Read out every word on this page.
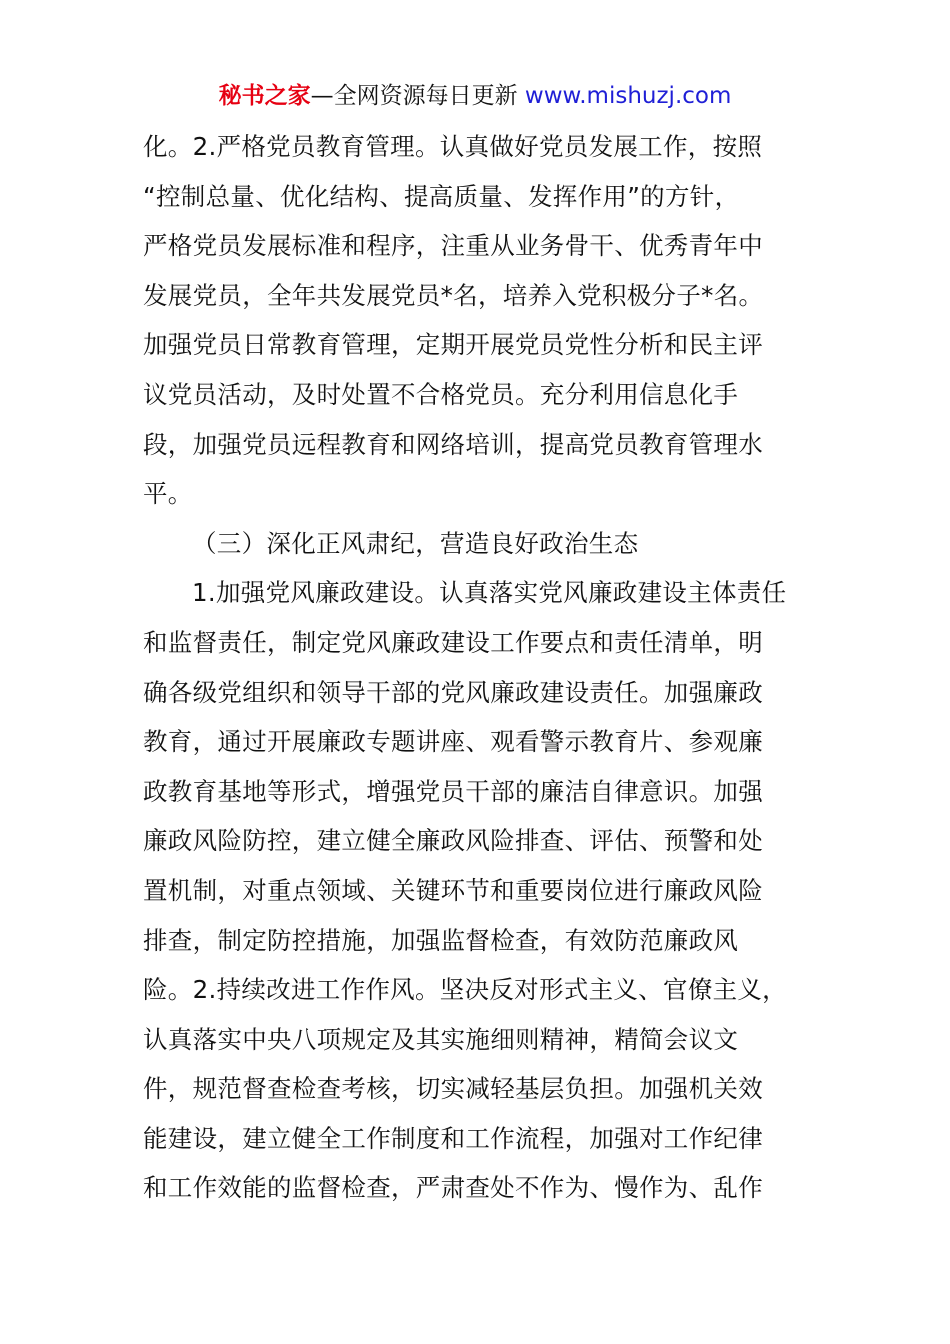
秘书之家—全网资源每日更新 www.mishuzj.com
化。2.严格党员教育管理。认真做好党员发展工作，按照
“控制总量、优化结构、提高质量、发挥作用”的方针，
严格党员发展标准和程序，注重从业务骨干、优秀青年中
发展党员，全年共发展党员*名，培养入党积极分子*名。
加强党员日常教育管理，定期开展党员党性分析和民主评
议党员活动，及时处置不合格党员。充分利用信息化手
段，加强党员远程教育和网络培训，提高党员教育管理水
平。
（三）深化正风肃纪，营造良好政治生态
1.加强党风廉政建设。认真落实党风廉政建设主体责任
和监督责任，制定党风廉政建设工作要点和责任清单，明
确各级党组织和领导干部的党风廉政建设责任。加强廉政
教育，通过开展廉政专题讲座、观看警示教育片、参观廉
政教育基地等形式，增强党员干部的廉洁自律意识。加强
廉政风险防控，建立健全廉政风险排查、评估、预警和处
置机制，对重点领域、关键环节和重要岗位进行廉政风险
排查，制定防控措施，加强监督检查，有效防范廉政风
险。2.持续改进工作作风。坚决反对形式主义、官僚主义，
认真落实中央八项规定及其实施细则精神，精简会议文
件，规范督查检查考核，切实减轻基层负担。加强机关效
能建设，建立健全工作制度和工作流程，加强对工作纪律
和工作效能的监督检查，严肃查处不作为、慢作为、乱作
